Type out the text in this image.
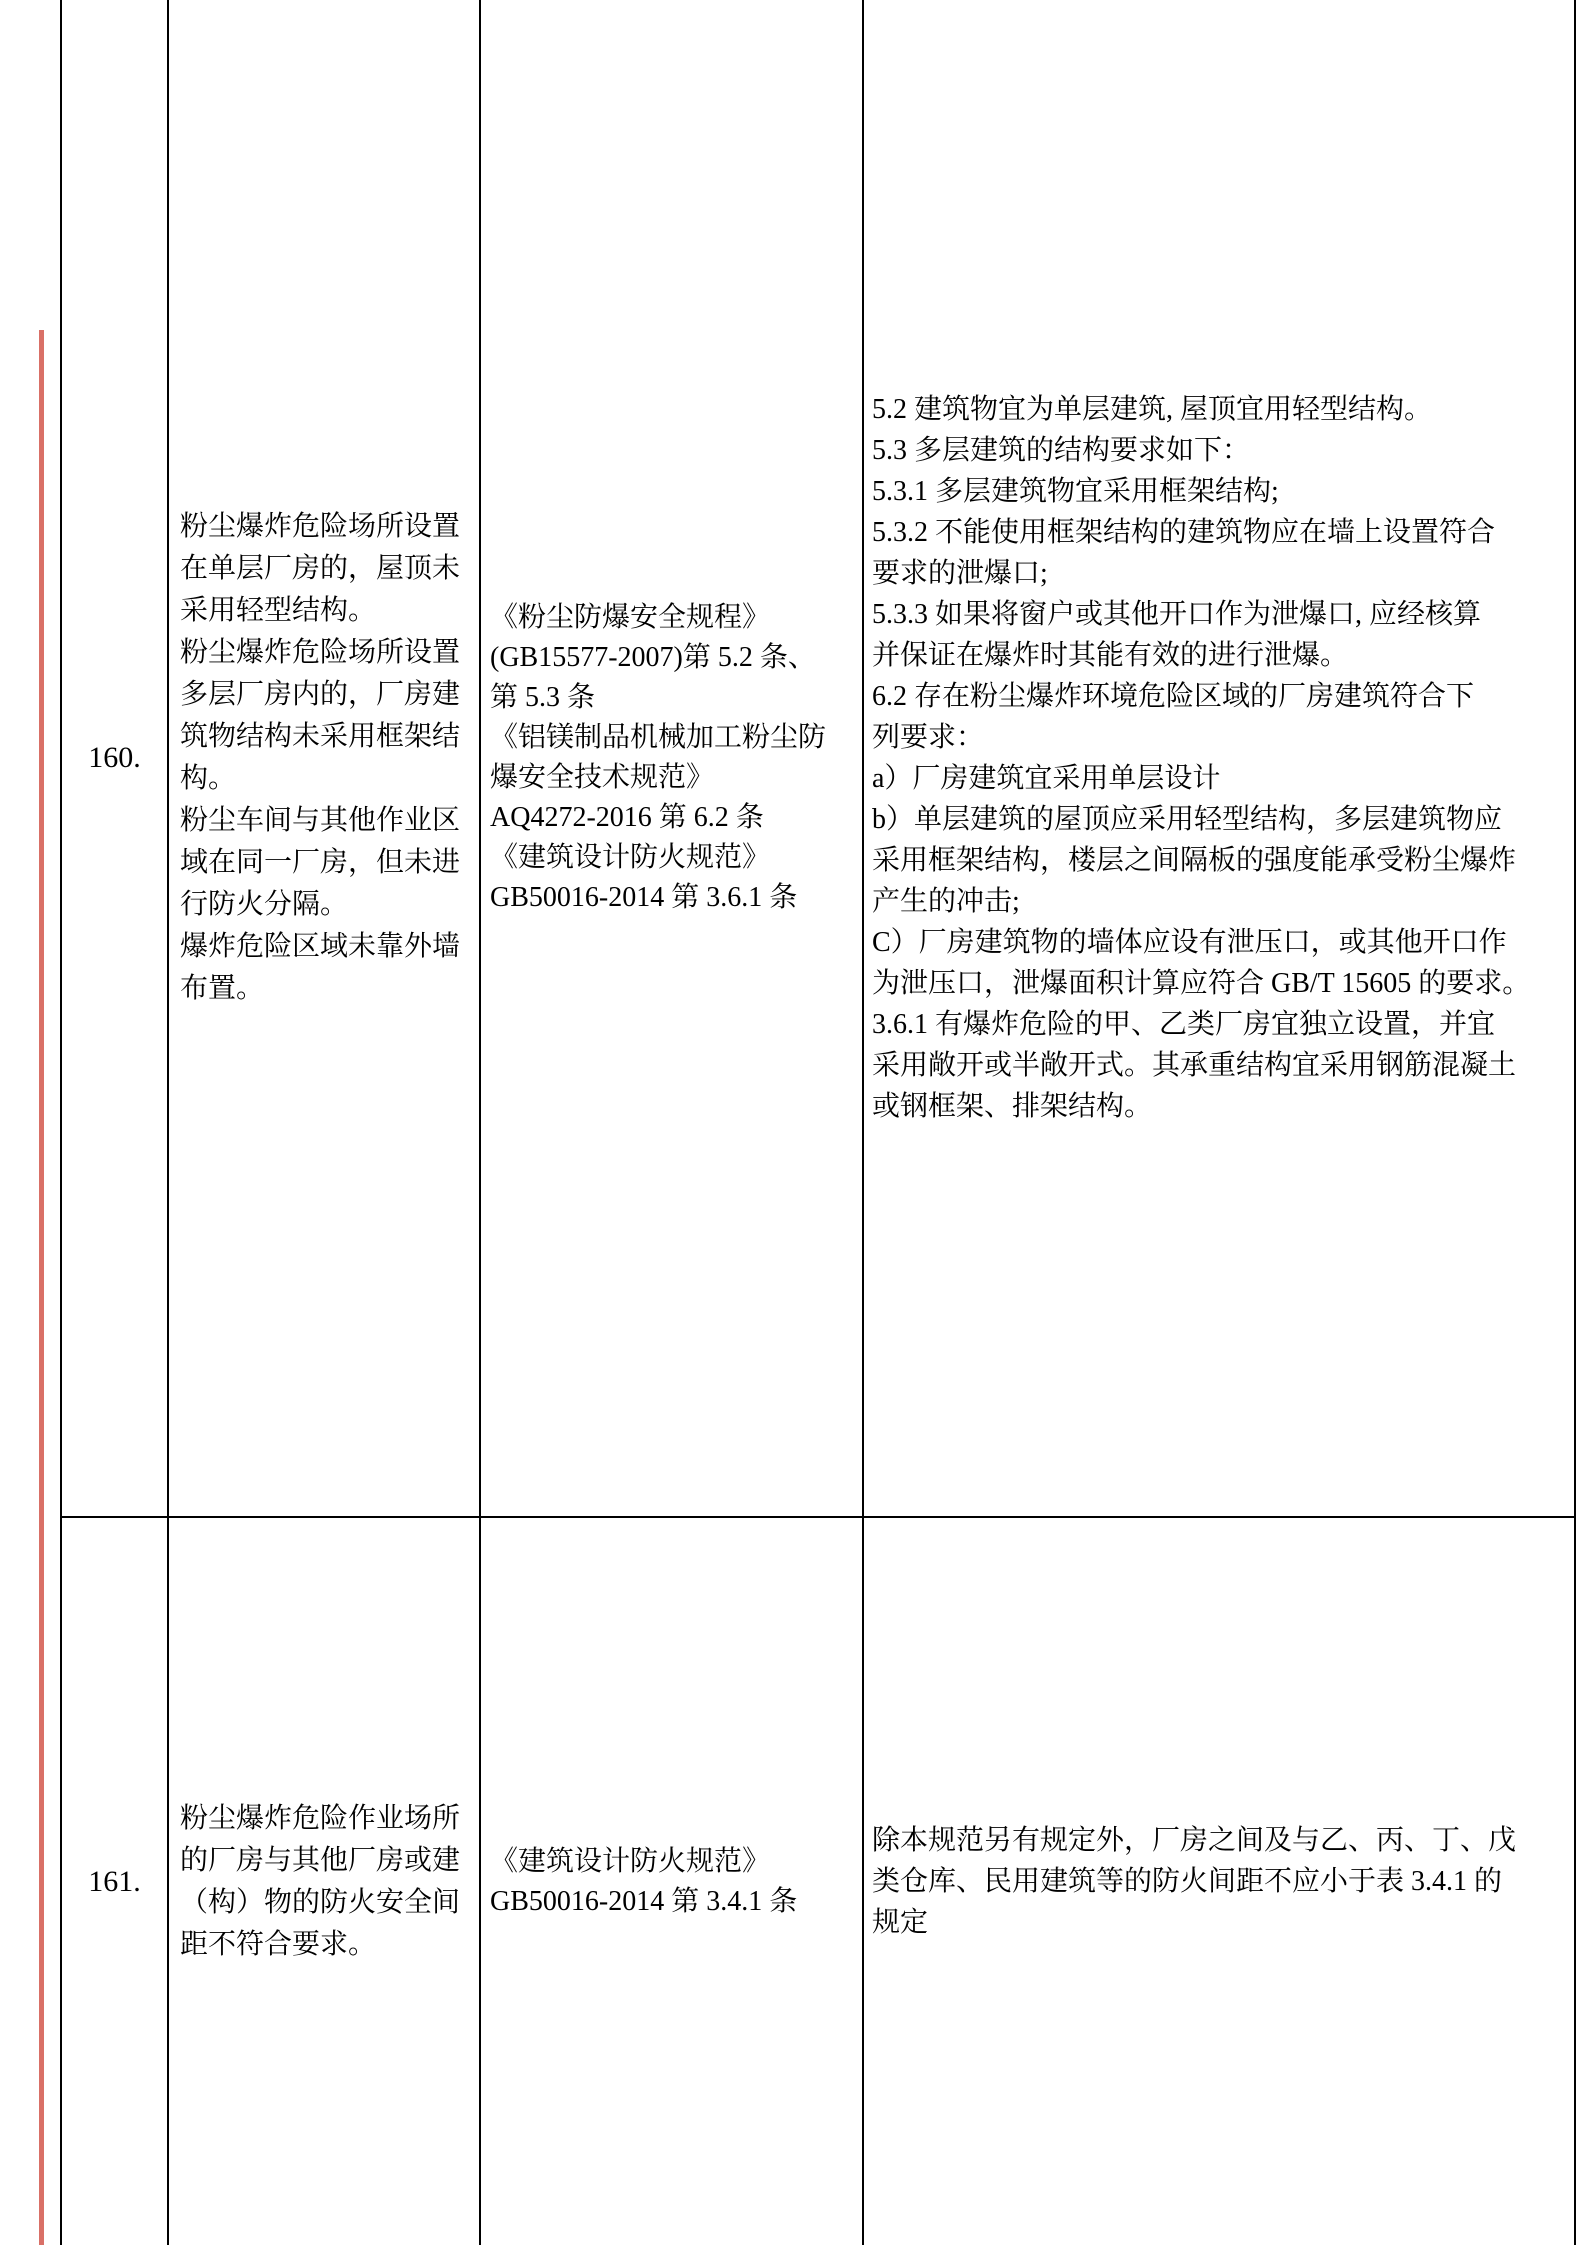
160.
粉尘爆炸危险场所设置
在单层厂房的，屋顶未
采用轻型结构。
粉尘爆炸危险场所设置
多层厂房内的，厂房建
筑物结构未采用框架结
构。
粉尘车间与其他作业区
域在同一厂房，但未进
行防火分隔。
爆炸危险区域未靠外墙
布置。
《粉尘防爆安全规程》
(GB15577-2007)第 5.2 条、
第 5.3 条
《铝镁制品机械加工粉尘防
爆安全技术规范》
AQ4272-2016 第 6.2 条
《建筑设计防火规范》
GB50016-2014 第 3.6.1 条
5.2 建筑物宜为单层建筑, 屋顶宜用轻型结构。
5.3 多层建筑的结构要求如下：
5.3.1 多层建筑物宜采用框架结构;
5.3.2 不能使用框架结构的建筑物应在墙上设置符合
要求的泄爆口;
5.3.3 如果将窗户或其他开口作为泄爆口, 应经核算
并保证在爆炸时其能有效的进行泄爆。
6.2 存在粉尘爆炸环境危险区域的厂房建筑符合下
列要求：
a）厂房建筑宜采用单层设计
b）单层建筑的屋顶应采用轻型结构，多层建筑物应
采用框架结构，楼层之间隔板的强度能承受粉尘爆炸
产生的冲击;
C）厂房建筑物的墙体应设有泄压口，或其他开口作
为泄压口，泄爆面积计算应符合 GB/T 15605 的要求。
3.6.1 有爆炸危险的甲、乙类厂房宜独立设置，并宜
采用敞开或半敞开式。其承重结构宜采用钢筋混凝土
或钢框架、排架结构。
161.
粉尘爆炸危险作业场所
的厂房与其他厂房或建
（构）物的防火安全间
距不符合要求。
《建筑设计防火规范》
GB50016-2014 第 3.4.1 条
除本规范另有规定外，厂房之间及与乙、丙、丁、戊
类仓库、民用建筑等的防火间距不应小于表 3.4.1 的
规定
